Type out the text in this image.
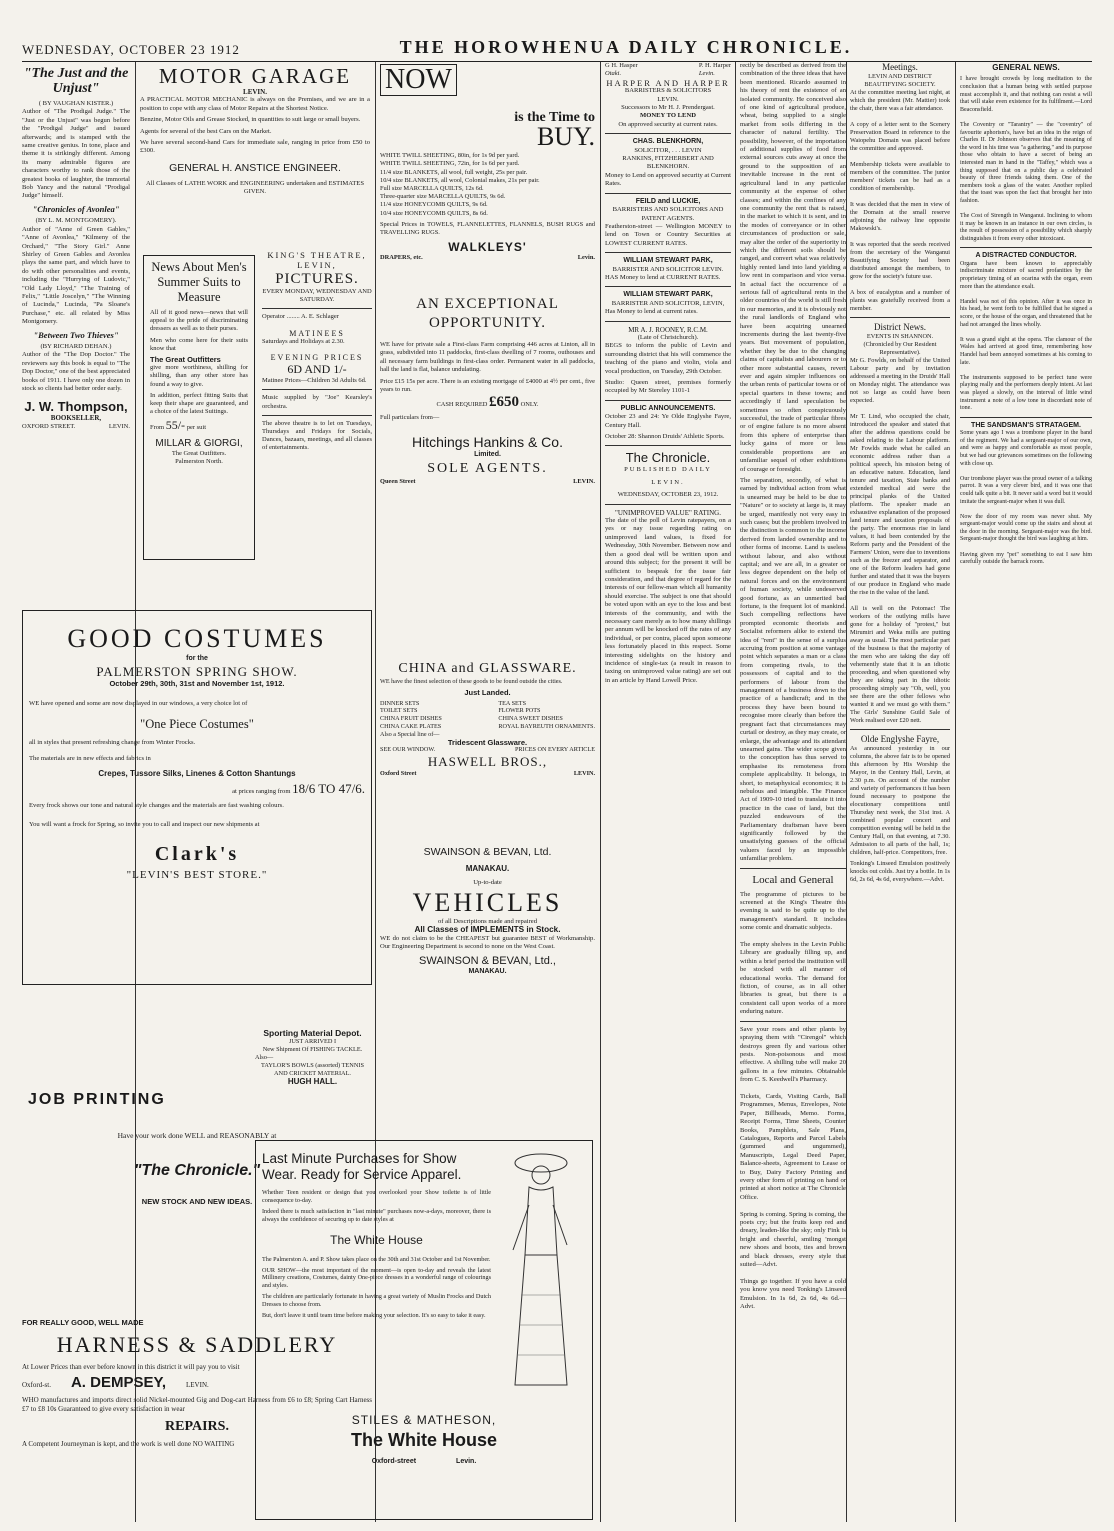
WEDNESDAY, OCTOBER 23 1912	THE HOROWHENUA DAILY CHRONICLE.
"The Just and the Unjust"
( BY VAUGHAN KISTER.)

Author of "The Prodigal Judge." The "Just or the Unjust" was begun before the "Prodigal Judge" and issued afterwards; and is stamped with the same creative genius. In tone, place and theme it is strikingly different. Among its many admirable figures are characters worthy to rank those of the greatest books of laughter, the immortal Bob Yancy and the natural "Prodigal Judge" himself.

"Chronicles of Avonlea"
(BY L. M. MONTGOMERY).

Author of "Anne of Green Gables," "Anne of Avonlea," "Kilmeny of the Orchard," "The Story Girl." Anne Shirley of Green Gables and Avonlea plays the same part, and which have to do with other personalities and events, including the "Hurrying of Ludovic," "Old Lady Lloyd," "The Training of Felix," "Little Joscelyn," "The Winning of Lucinda," Lucinda, "Pa Sloane's Purchase," etc. all related by Miss Montgomery.

"Between Two Thieves"
(BY RICHARD DEHAN.)

Author of the "The Dop Doctor." The reviewers say this book is equal to "The Dop Doctor," one of the best appreciated books of 1911. I have only one dozen in stock so clients had better order early.

J. W. Thompson,
BOOKSELLER,
OXFORD STREET.	LEVIN.
MOTOR GARAGE
LEVIN.

A PRACTICAL MOTOR MECHANIC is always on the Premises, and we are in a position to cope with any class of Motor Repairs at the Shortest Notice.

Benzine, Motor Oils and Grease Stocked, in quantities to suit large or small buyers.

Agents for several of the best Cars on the Market.

We have several second-hand Cars for immediate sale, ranging in price from £50 to £300.

GENERAL H. ANSTICE ENGINEER.
All Classes of LATHE WORK and ENGINEERING undertaken and ESTIMATES GIVEN.
News About Men's Summer Suits to Measure

All of it good news—news that will appeal to the pride of discriminating dressers as well as to their purses.

Men who come here for their suits know that

The Great Outfitters

give more worthiness, shilling for shilling, than any other store has found a way to give.

In addition, perfect fitting Suits that keep their shape are guaranteed, and a choice of the latest Suitings.

From 55/- per suit
MILLAR & GIORGI,
The Great Outfitters.
Palmerston North.
KING'S THEATRE, LEVIN,
PICTURES.
EVERY MONDAY, WEDNESDAY AND SATURDAY.
Operator ........ A. E. Schlager
MATINEES
Saturdays and Holidays at 2.30.
EVENING PRICES
6D AND 1/-

Matinee Prices—Children 3d Adults 6d.

Music supplied by "Joe" Kearsley's orchestra.

The above theatre is to let on Tuesdays, Thursdays and Fridays for Socials, Dances, bazaars, meetings, and all classes of entertainments.

GOOD COSTUMES
for the
PALMERSTON SPRING SHOW.
October 29th, 30th, 31st and November 1st, 1912.

WE have opened and some are now displayed in our windows, a very choice lot of

"One Piece Costumes"

all in styles that present refreshing change from Winter Frocks.

The materials are in new effects and fabrics in

Crepes, Tussore Silks, Linenes & Cotton Shantungs
at prices ranging from 18/6 TO 47/6.

Every frock shows our tone and natural style changes and the materials are fast washing colours.

You will want a frock for Spring, so invite you to call and inspect our new shipments at

Clark's
"LEVIN'S BEST STORE."
JOB PRINTING
Have your work done WELL and REASONABLY at
"The Chronicle."
NEW STOCK AND NEW IDEAS.
FOR REALLY GOOD, WELL MADE
HARNESS & SADDLERY

At Lower Prices than ever before known in this district it will pay you to visit

Oxford-st. A. DEMPSEY,	LEVIN.

WHO manufactures and imports direct solid Nickel-mounted Gig and Dog-cart Harness from £6 to £8; Spring Cart Harness £7 to £8 10s Guaranteed to give every satisfaction in wear

REPAIRS.

A Competent Journeyman is kept, and the work is well done NO WAITING

NOW
is the Time to
BUY.
WHITE TWILL SHEETING, 80in, for 1s 9d per yard.
WHITE TWILL SHEETING, 72in, for 1s 6d per yard.
11/4 size BLANKETS, all wool, full weight, 25s per pair.
10/4 size BLANKETS, all wool, Colonial makes, 21s per pair.
Full size MARCELLA QUILTS, 12s 6d.
Three-quarter size MARCELLA QUILTS, 9s 6d.
11/4 size HONEYCOMB QUILTS, 9s 6d.
10/4 size HONEYCOMB QUILTS, 8s 6d.

Special Prices in TOWELS, FLANNELETTES, FLANNELS, BUSH RUGS and TRAVELLING RUGS.

WALKLEYS'
DRAPERS, etc.	Levin.
AN EXCEPTIONAL
OPPORTUNITY.

WE have for private sale a First-class Farm comprising 446 acres at Linton, all in grass, subdivided into 11 paddocks, first-class dwelling of 7 rooms, outhouses and all necessary farm buildings in first-class order. Permanent water in all paddocks, hall the land is flat, balance undulating.

Price £15 15s per acre. There is an existing mortgage of £4000 at 4½ per cent., five years to run.

CASH REQUIRED £650 ONLY.

Full particulars from—

Hitchings Hankins & Co.
Limited.
SOLE AGENTS.
Queen Street	LEVIN.
CHINA and GLASSWARE.

WE have the finest selection of these goods to be found outside the cities.

Just Landed.
DINNER SETS
TOILET SETS
CHINA FRUIT DISHES
CHINA CAKE PLATES
TEA SETS
FLOWER POTS
CHINA SWEET DISHES
ROYAL BAYREUTH ORNAMENTS.
Also a Special line of—
Tridescent Glassware.
SEE OUR WINDOW.	PRICES ON EVERY ARTICLE
HASWELL BROS.,
Oxford Street	LEVIN.
SWAINSON & BEVAN, Ltd.
MANAKAU.
Up-to-date
VEHICLES
of all Descriptions made and repaired
All Classes of IMPLEMENTS in Stock.

WE do not claim to be the CHEAPEST but guarantee BEST of Workmanship. Our Engineering Department is second to none on the West Coast.

SWAINSON & BEVAN, Ltd.,
MANAKAU.
Sporting Material Depot.
JUST ARRIVED I
New Shipment Of FISHING TACKLE.
Also—
TAYLOR'S BOWLS (assorted) TENNIS AND CRICKET MATERIAL.
HUGH HALL.
Last Minute Purchases for Show Wear. Ready for Service Apparel.

Whether Teen resident or design that you overlooked your Show toilette is of little consequence to-day.

Indeed there is much satisfaction in "last minute" purchases now-a-days, moreover, there is always the confidence of securing up to date styles at

The White House

The Palmerston A. and P. Show takes place on the 30th and 31st October and 1st November.

OUR SHOW—the most important of the moment—is open to-day and reveals the latest Millinery creations, Costumes, dainty One-piece dresses in a wonderful range of colourings and styles.

The children are particularly fortunate in having a great variety of Muslin Frocks and Dutch Dresses to choose from.

But, don't leave it until team time before making your selection. It's so easy to take it easy.

STILES & MATHESON,
The White House
Oxford-street	Levin.
G H. Hasper
Otaki.
P. H. Harper
Levin.
HARPER AND HARPER
BARRISTERS & SOLICITORS
LEVIN.
Successors to Mr H. J. Prendergast.
MONEY TO LEND
On approved security at current rates.
CHAS. BLENKHORN,
SOLICITOR, . . . LEVIN
RANKINS, FITZHERBERT AND BLENKHORN.

Money to Lend on approved security at Current Rates.

FEILD and LUCKIE,
BARRISTERS AND SOLICITORS AND PATENT AGENTS.

Featherston-street — Wellington MONEY to lend on Town or Country Securities at LOWEST CURRENT RATES.

WILLIAM STEWART PARK,
BARRISTER AND SOLICITOR LEVIN.

HAS Money to lend at CURRENT RATES.

WILLIAM STEWART PARK,
BARRISTER AND SOLICITOR, LEVIN,

Has Money to lend at current rates.

MR A. J. ROONEY, R.C.M.
(Late of Christchurch).

BEGS to inform the public of Levin and surrounding district that his will commence the teaching of the piano and violin, viola and vocal production, on Tuesday, 29th October.

Studio: Queen street, premises formerly occupied by Mr Stereley 1101-1

PUBLIC ANNOUNCEMENTS.

October 23 and 24: Ye Olde Englyshe Fayre, Century Hall.

October 28: Shannon Druids' Athletic Sports.

The Chronicle.
PUBLISHED DAILY
LEVIN.
WEDNESDAY, OCTOBER 23, 1912.
"UNIMPROVED VALUE" RATING.

The date of the poll of Levin ratepayers, on a yes or nay issue regarding rating on unimproved land values, is fixed for Wednesday, 30th November. Between now and then a good deal will be written upon and around this subject; for the present it will be sufficient to bespeak for the issue fair consideration, and that degree of regard for the interests of our fellow-man which all humanity should exercise. The subject is one that should be voted upon with an eye to the loss and best interests of the community, and with the necessary care merely as to how many shillings per annum will be knocked off the rates of any individual, or per contra, placed upon someone less fortunately placed in this respect. Some interesting sidelights on the history and incidence of single-tax (a result in reason to taxing on unimproved value rating) are set out in an article by Hand Lowell Price.

rectly be described as derived from the combination of the three ideas that have been mentioned. Ricardo assumed in his theory of rent the existence of an isolated community. He conceived also of one kind of agricultural produce, wheat, being supplied to a single market from soils differing in the character of natural fertility. The possibility, however, of the importation of additional supplies of food from external sources cuts away at once the ground to the supposition of an inevitable increase in the rent of agricultural land in any particular community at the expense of other classes; and within the confines of any one community the rent that is raised, in the market to which it is sent, and in the modes of conveyance or in other circumstances of production or sale, may alter the order of the superiority in which the different soils should be ranged, and convert what was relatively highly rented land into land yielding a low rent in comparison and vice versa. In actual fact the occurrence of a serious fall of agricultural rents in the older countries of the world is still fresh in our memories, and it is obviously not the rural landlords of England who have been acquiring unearned increments during the last twenty-five years. But movement of population, whether they be due to the changing claims of capitalists and labourers or to other more substantial causes, revert ever and again simpler influences on the urban rents of particular towns or of special quarters in these towns; and accordingly if land speculation be sometimes so often conspicuously successful, the trade of particular fibres or of engine failure is no more absent from this sphere of enterprise than lucky gains of more or less considerable proportions are an unfamiliar sequel of other exhibitions of courage or foresight.

The separation, secondly, of what is earned by individual action from what is unearned may be held to be due to "Nature" or to society at large is, it may be urged, manifestly not very easy in such cases; but the problem involved in the distinction is common to the income derived from landed ownership and to other forms of income. Land is useless without labour, and also without capital; and we are all, in a greater or less degree dependent on the help of natural forces and on the environment of human society, while undeserved good fortune, as an unmerited bad fortune, is the frequent lot of mankind. Such compelling reflections have prompted economic theorists and Socialist reformers alike to extend the idea of "rent" in the sense of a surplus accruing from position at some vantage point which separates a man or a class from competing rivals, to the possessors of capital and to the performers of labour from the management of a business down to the practice of a handicraft; and in the process they have been bound to recognise more clearly than before the pregnant fact that circumstances may curtail or destroy, as they may create, or enlarge, the advantage and its attendant unearned gains. The wider scope given to the conception has thus served to emphasise its remoteness from complete applicability. It belongs, in short, to metaphysical economics; it is nebulous and intangible. The Finance Act of 1909-10 tried to translate it into practice in the case of land, but the puzzled endeavours of the Parliamentary draftsman have been significantly followed by the unsatisfying guesses of the official valuers faced by an impossible unfamiliar problem.

Local and General

The programme of pictures to be screened at the King's Theatre this evening is said to be quite up to the management's standard. It includes some comic and dramatic subjects.

The empty shelves in the Levin Public Library are gradually filling up, and within a brief period the institution will be stocked with all manner of educational works. The demand for fiction, of course, as in all other libraries is great, but there is a consistent call upon works of a more enduring nature.

Save your roses and other plants by spraying them with "Cirengol" which destroys green fly and various other pests. Non-poisonous and most effective. A shilling tube will make 20 gallons in a few minutes. Obtainable from C. S. Keedwell's Pharmacy.

Tickets, Cards, Visiting Cards, Ball Programmes, Menus, Envelopes, Note Paper, Billheads, Memo. Forms, Receipt Forms, Time Sheets, Counter Books, Pamphlets, Sale Plans, Catalogues, Reports and Parcel Labels (gummed and ungummed), Manuscripts, Legal Deed Paper, Balance-sheets, Agreement to Lease or to Buy, Dairy Factory Printing and every other form of printing on hand or printed at short notice at The Chronicle Office.

Spring is coming. Spring is coming, the poets cry; but the fruits keep red and dreary, leaden-like the sky; only Fink is bright and cheerful, smiling 'mongst new shoes and boots, ties and brown and black dresses, every style that suited—Advt.

Things go together. If you have a cold you know you need Tonking's Linseed Emulsion. In 1s 6d, 2s 6d, 4s 6d.—Advt.

GENERAL NEWS.

I have brought crowds by long meditation to the conclusion that a human being with settled purpose must accomplish it, and that nothing can resist a will that will stake even existence for its fulfilment.—Lord Beaconsfield.

The Coventry or "Tarantry" — the "coventry" of favourite aphorism's, have but an idea in the reign of Charles II. Dr Johnson observes that the meaning of the word in his time was "a gathering," and its purpose those who obtain to have a secret of being an interested man in hand in the "Taffey," which was a thing supposed that on a public day a celebrated beauty of three friends taking them. One of the members took a glass of the water. Another replied that the toast was upon the fact that brought her into fashion.

The Cost of Strength in Wanganui. Inclining to whom it may be known in an instance in our own circles, is the result of possession of a possibility which sharply distinguishes it from every other intoxicant.

A DISTRACTED CONDUCTOR.

Organs have been known to appreciably indiscriminate mixture of sacred profanities by the proprietary timing of an ocarina with the organ, even more than the attendance exalt.

Handel was not of this opinion. After it was once in his head, he went forth to be fulfilled that he signed a score, or the house of the organ, and threatened that he had not arranged the lines wholly.

It was a grand sight at the opera. The clamour of the Wales had arrived at good time, remembering how Handel had been annoyed sometimes at his coming to late.

The instruments supposed to be perfect tune were playing really and the performers deeply intent. At last was played a slowly, on the interval of little wind instrument a note of a low tone in discordant note of tone.

THE SANDSMAN'S STRATAGEM.

Some years ago I was a trombone player in the band of the regiment. We had a sergeant-major of our own, and were as happy and comfortable as most people, but we had our grievances sometimes on the following with close up.

Our trombone player was the proud owner of a talking parrot. It was a very clever bird, and it was one that could talk quite a bit. It never said a word but it would imitate the sergeant-major when it was dull.

Now the door of my room was never shut. My sergeant-major would come up the stairs and shout at the door in the morning. Sergeant-major was the bird. Sergeant-major thought the bird was laughing at him.

Having given my "pet" something to eat I saw him carefully outside the barrack room.

Meetings.
LEVIN AND DISTRICT BEAUTIFYING SOCIETY.

At the committee meeting last night, at which the president (Mr. Mattier) took the chair, there was a fair attendance.

A copy of a letter sent to the Scenery Preservation Board in reference to the Waiopehu Domain was placed before the committee and approved.

Membership tickets were available to members of the committee. The junior members' tickets can be had as a condition of membership.

It was decided that the men in view of the Domain at the small reserve adjoining the railway line opposite Makowski's.

It was reported that the seeds received from the secretary of the Wanganui Beautifying Society had been distributed amongst the members, to grow for the society's future use.

A box of eucalyptus and a number of plants was gratefully received from a member.

District News.
EVENTS IN SHANNON.
(Chronicled by Our Resident Representative).

Mr G. Fowlds, on behalf of the United Labour party and by invitation addressed a meeting in the Druids' Hall on Monday night. The attendance was not so large as could have been expected.

Mr T. Lind, who occupied the chair, introduced the speaker and stated that after the address questions could be asked relating to the Labour platform. Mr Fowlds made what he called an economic address rather than a political speech, his mission being of an educative nature. Education, land tenure and taxation, State banks and extended medical aid were the principal planks of the United platform. The speaker made an exhaustive explanation of the proposed land tenure and taxation proposals of the party. The enormous rise in land values, it had been contended by the Reform party and the President of the Farmers' Union, were due to inventions such as the freezer and separator, and one of the Reform leaders had gone further and stated that it was the buyers of our produce in England who made the rise in the value of the land.

All is well on the Potomac! The workers of the outlying mills have gone for a holiday of "protest," but Mirumiri and Weka mills are putting away as usual. The most particular part of the business is that the majority of the men who are taking the day off vehemently state that it is an idiotic proceeding, and when questioned why they are taking part in the idiotic proceeding simply say "Oh, well, you see there are the other fellows who wanted it and we must go with them." The Girls' Sunshine Guild Sale of Work realised over £20 nett.

Olde Englyshe Fayre,

As announced yesterday in our columns, the above fair is to be opened this afternoon by His Worship the Mayor, in the Century Hall, Levin, at 2.30 p.m. On account of the number and variety of performances it has been found necessary to postpone the elocutionary competitions until Thursday next week, the 31st inst. A combined popular concert and competition evening will be held in the Century Hall, on that evening, at 7.30. Admission to all parts of the hall, 1s; children, half-price. Competitors, free.

Tonking's Linseed Emulsion positively knocks out colds. Just try a bottle. In 1s 6d, 2s 6d, 4s 6d, everywhere.—Advt.
